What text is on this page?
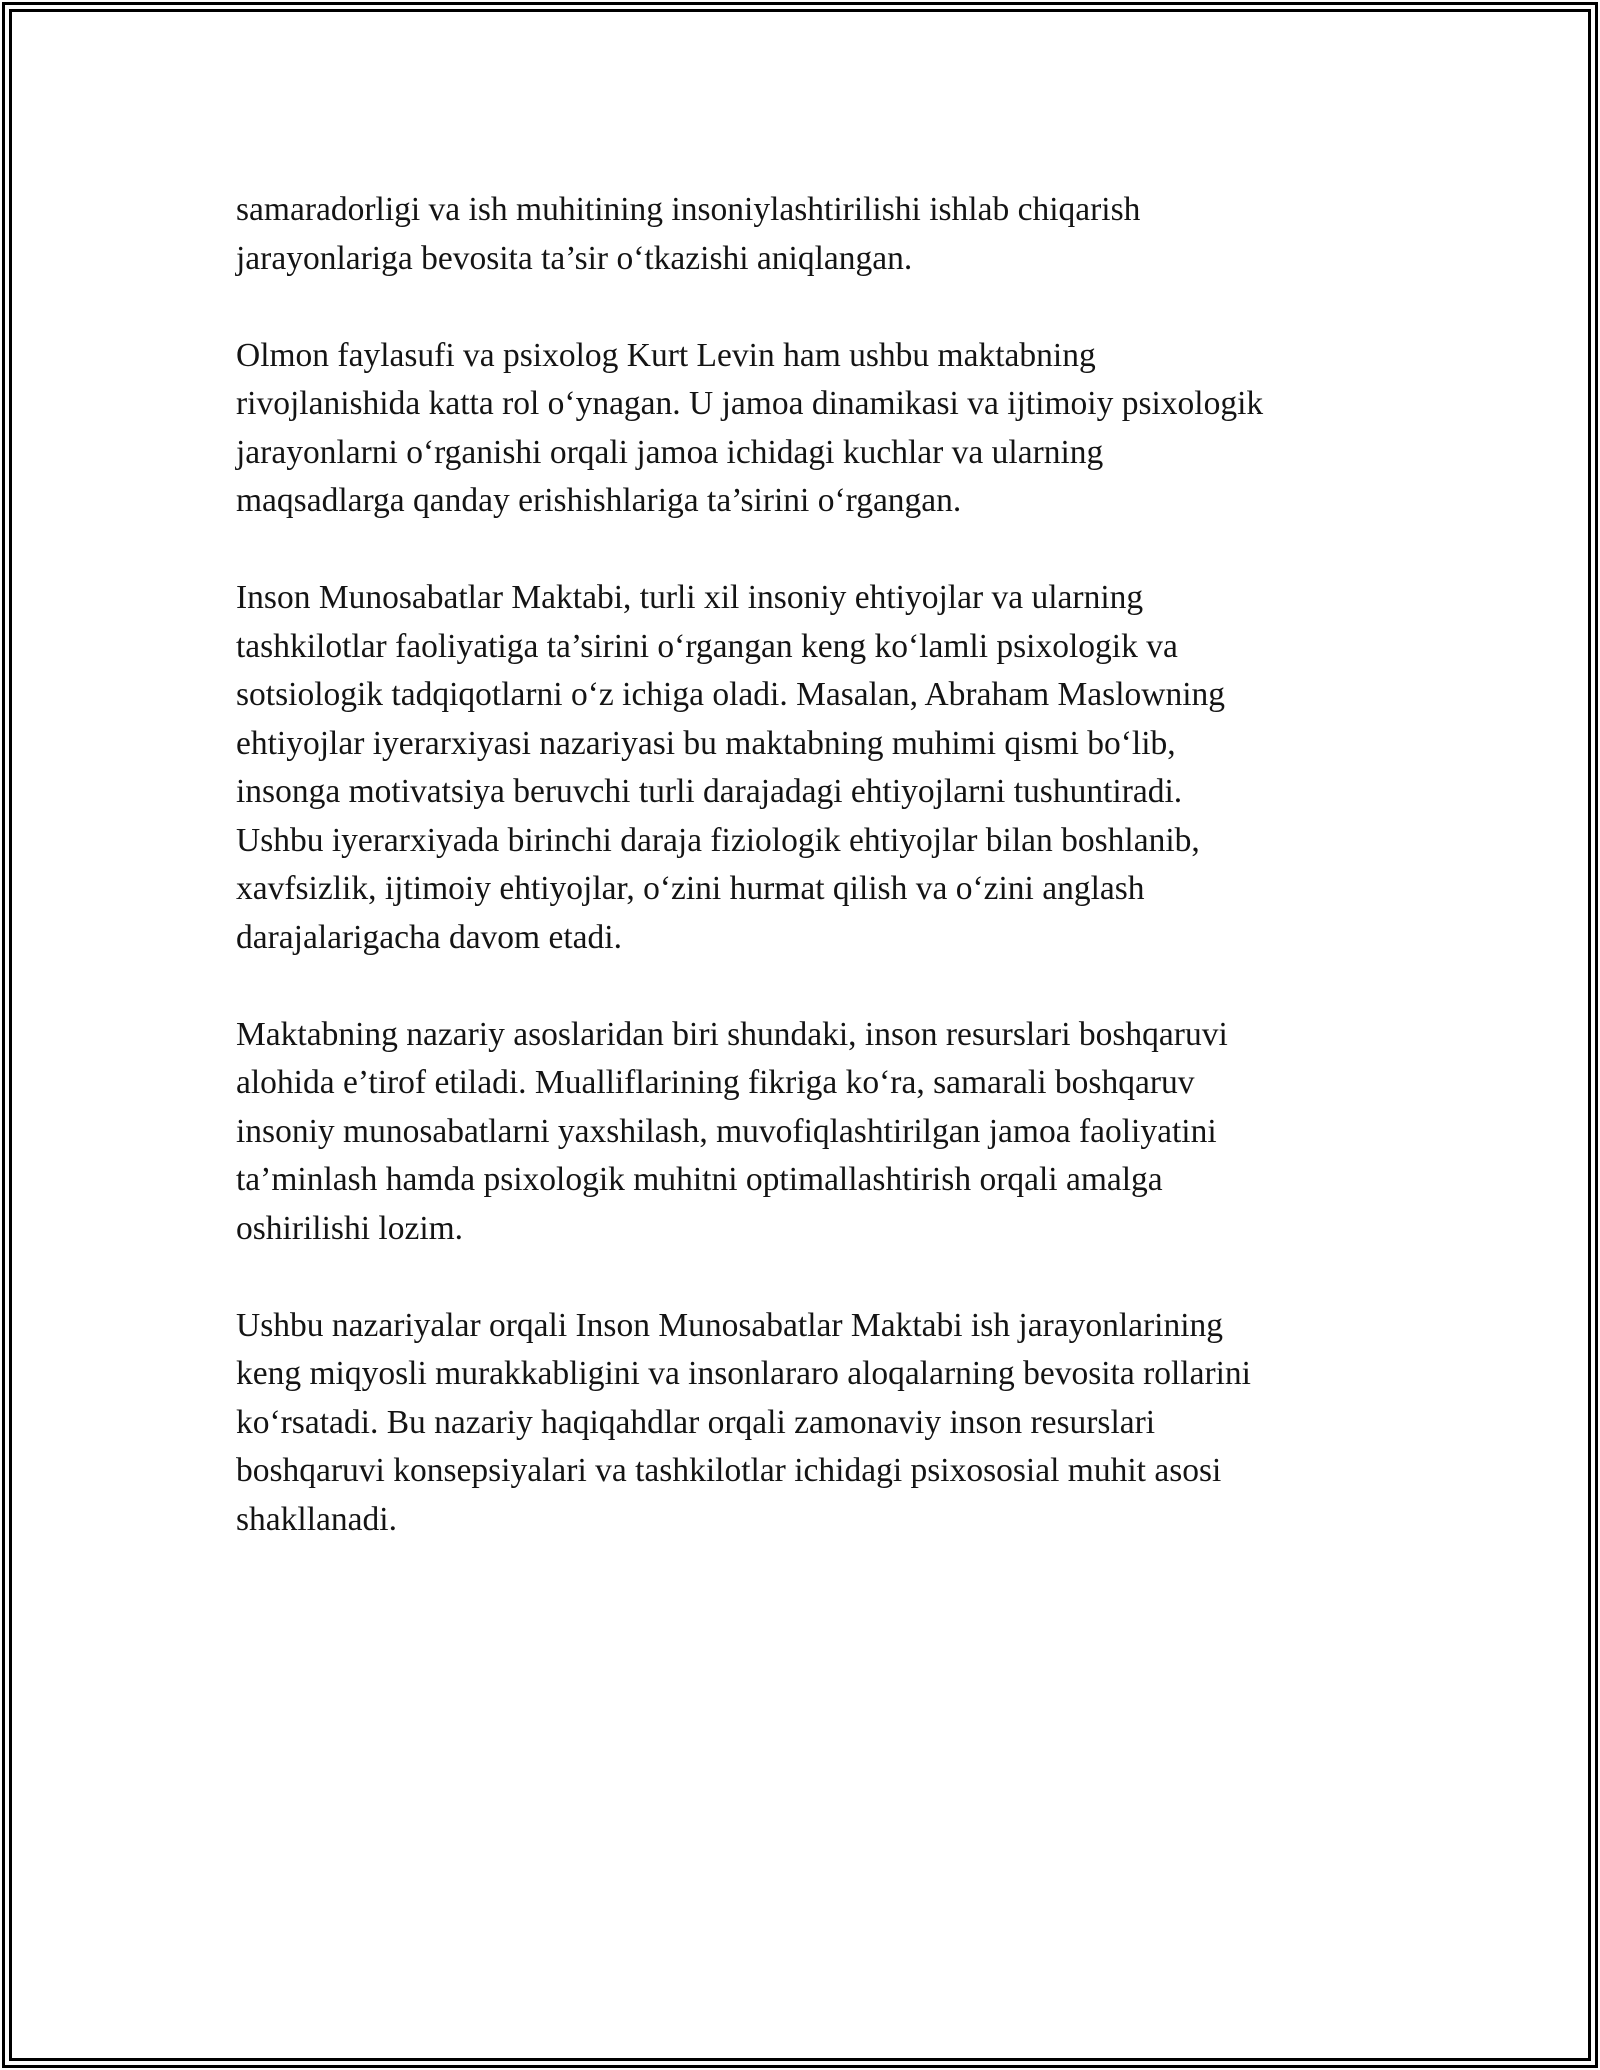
samaradorligi va ish muhitining insoniylashtirilishi ishlab chiqarish
jarayonlariga bevosita ta’sir o‘tkazishi aniqlangan.

Olmon faylasufi va psixolog Kurt Levin ham ushbu maktabning
rivojlanishida katta rol o‘ynagan. U jamoa dinamikasi va ijtimoiy psixologik
jarayonlarni o‘rganishi orqali jamoa ichidagi kuchlar va ularning
maqsadlarga qanday erishishlariga ta’sirini o‘rgangan.

Inson Munosabatlar Maktabi, turli xil insoniy ehtiyojlar va ularning
tashkilotlar faoliyatiga ta’sirini o‘rgangan keng ko‘lamli psixologik va
sotsiologik tadqiqotlarni o‘z ichiga oladi. Masalan, Abraham Maslowning
ehtiyojlar iyerarxiyasi nazariyasi bu maktabning muhimi qismi bo‘lib,
insonga motivatsiya beruvchi turli darajadagi ehtiyojlarni tushuntiradi.
Ushbu iyerarxiyada birinchi daraja fiziologik ehtiyojlar bilan boshlanib,
xavfsizlik, ijtimoiy ehtiyojlar, o‘zini hurmat qilish va o‘zini anglash
darajalarigacha davom etadi.

Maktabning nazariy asoslaridan biri shundaki, inson resurslari boshqaruvi
alohida e’tirof etiladi. Mualliflarining fikriga ko‘ra, samarali boshqaruv
insoniy munosabatlarni yaxshilash, muvofiqlashtirilgan jamoa faoliyatini
ta’minlash hamda psixologik muhitni optimallashtirish orqali amalga
oshirilishi lozim.

Ushbu nazariyalar orqali Inson Munosabatlar Maktabi ish jarayonlarining
keng miqyosli murakkabligini va insonlararo aloqalarning bevosita rollarini
ko‘rsatadi. Bu nazariy haqiqahdlar orqali zamonaviy inson resurslari
boshqaruvi konsepsiyalari va tashkilotlar ichidagi psixososial muhit asosi
shakllanadi.
